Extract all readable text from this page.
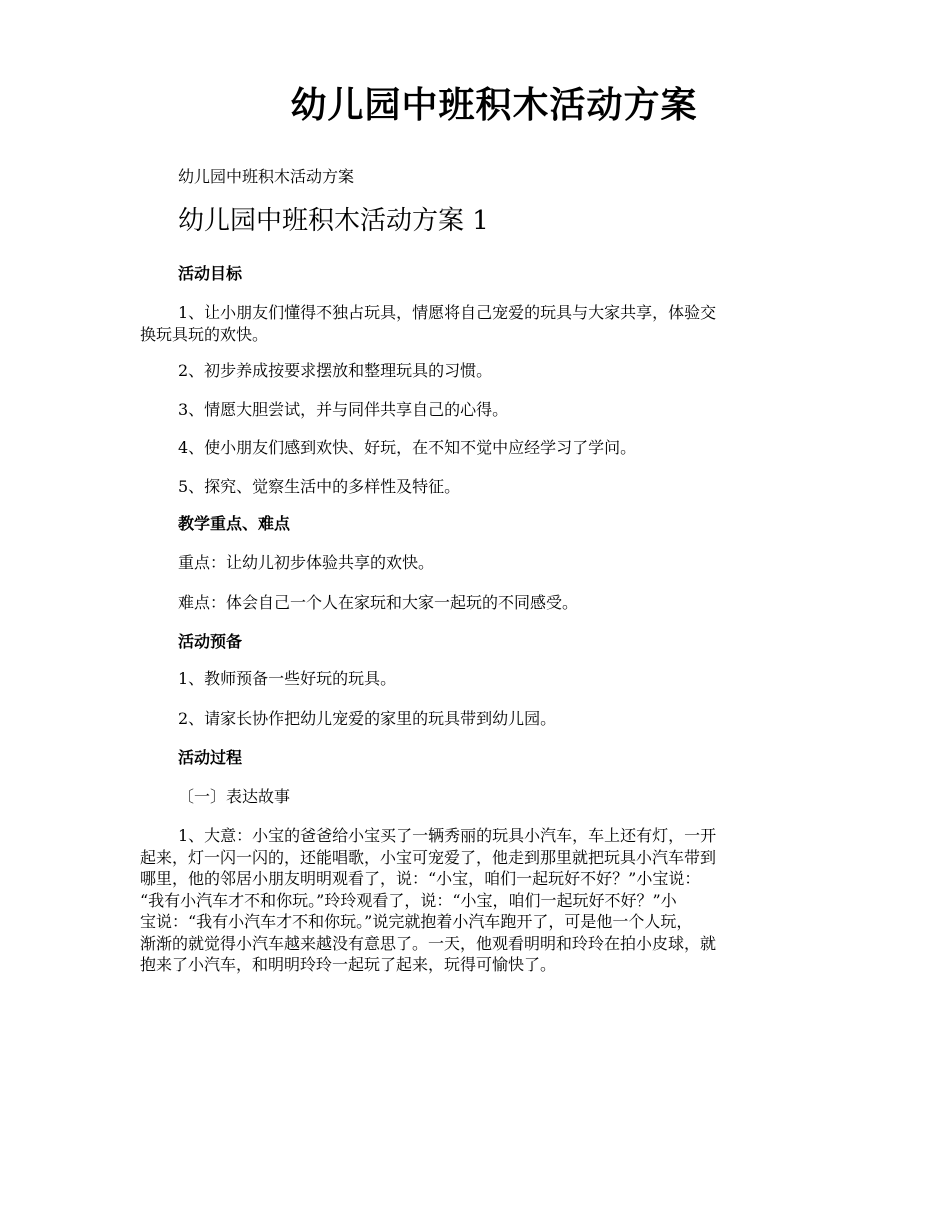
幼儿园中班积木活动方案
幼儿园中班积木活动方案
幼儿园中班积木活动方案 1
活动目标
1、让小朋友们懂得不独占玩具，情愿将自己宠爱的玩具与大家共享，体验交
换玩具玩的欢快。
2、初步养成按要求摆放和整理玩具的习惯。
3、情愿大胆尝试，并与同伴共享自己的心得。
4、使小朋友们感到欢快、好玩，在不知不觉中应经学习了学问。
5、探究、觉察生活中的多样性及特征。
教学重点、难点
重点：让幼儿初步体验共享的欢快。
难点：体会自己一个人在家玩和大家一起玩的不同感受。
活动预备
1、教师预备一些好玩的玩具。
2、请家长协作把幼儿宠爱的家里的玩具带到幼儿园。
活动过程
〔一〕表达故事
1、大意：小宝的爸爸给小宝买了一辆秀丽的玩具小汽车，车上还有灯，一开
起来，灯一闪一闪的，还能唱歌，小宝可宠爱了，他走到那里就把玩具小汽车带到
哪里，他的邻居小朋友明明观看了，说：“小宝，咱们一起玩好不好？”小宝说：
“我有小汽车才不和你玩。”玲玲观看了，说：“小宝，咱们一起玩好不好？”小
宝说：“我有小汽车才不和你玩。”说完就抱着小汽车跑开了，可是他一个人玩，
渐渐的就觉得小汽车越来越没有意思了。一天，他观看明明和玲玲在拍小皮球，就
抱来了小汽车，和明明玲玲一起玩了起来，玩得可愉快了。
